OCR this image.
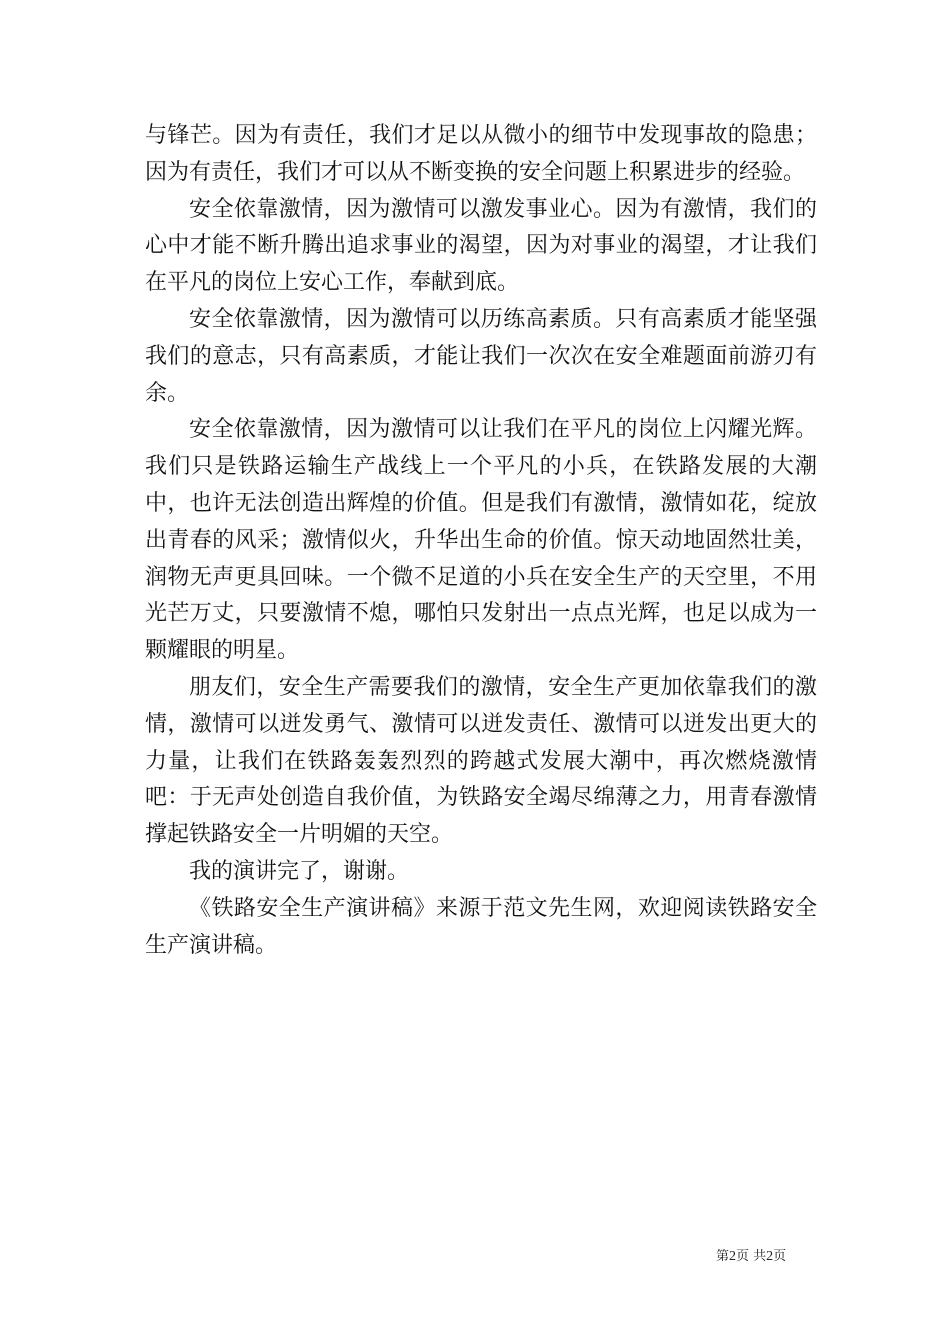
与锋芒。因为有责任，我们才足以从微小的细节中发现事故的隐患；因为有责任，我们才可以从不断变换的安全问题上积累进步的经验。

安全依靠激情，因为激情可以激发事业心。因为有激情，我们的心中才能不断升腾出追求事业的渴望，因为对事业的渴望，才让我们在平凡的岗位上安心工作，奉献到底。

安全依靠激情，因为激情可以历练高素质。只有高素质才能坚强我们的意志，只有高素质，才能让我们一次次在安全难题面前游刃有余。

安全依靠激情，因为激情可以让我们在平凡的岗位上闪耀光辉。我们只是铁路运输生产战线上一个平凡的小兵，在铁路发展的大潮中，也许无法创造出辉煌的价值。但是我们有激情，激情如花，绽放出青春的风采；激情似火，升华出生命的价值。惊天动地固然壮美，润物无声更具回味。一个微不足道的小兵在安全生产的天空里，不用光芒万丈，只要激情不熄，哪怕只发射出一点点光辉，也足以成为一颗耀眼的明星。

朋友们，安全生产需要我们的激情，安全生产更加依靠我们的激情，激情可以迸发勇气、激情可以迸发责任、激情可以迸发出更大的力量，让我们在铁路轰轰烈烈的跨越式发展大潮中，再次燃烧激情吧：于无声处创造自我价值，为铁路安全竭尽绵薄之力，用青春激情撑起铁路安全一片明媚的天空。

我的演讲完了，谢谢。

《铁路安全生产演讲稿》来源于范文先生网，欢迎阅读铁路安全生产演讲稿。

第2页 共2页
